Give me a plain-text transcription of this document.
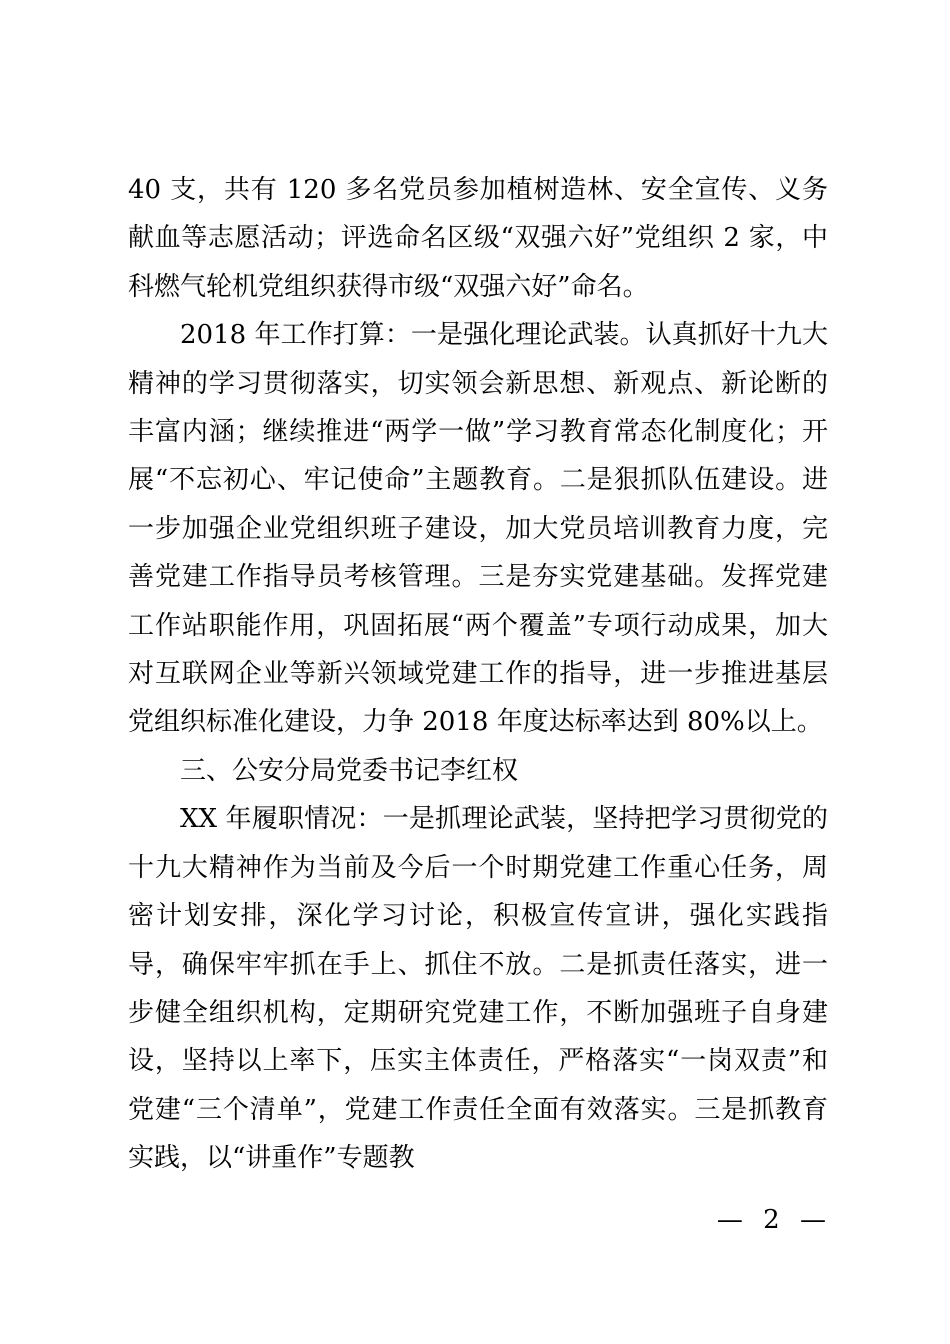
40 支，共有 120 多名党员参加植树造林、安全宣传、义务献血等志愿活动；评选命名区级“双强六好”党组织 2 家，中科燃气轮机党组织获得市级“双强六好”命名。

2018 年工作打算：一是强化理论武装。认真抓好十九大精神的学习贯彻落实，切实领会新思想、新观点、新论断的丰富内涵；继续推进“两学一做”学习教育常态化制度化；开展“不忘初心、牢记使命”主题教育。二是狠抓队伍建设。进一步加强企业党组织班子建设，加大党员培训教育力度，完善党建工作指导员考核管理。三是夯实党建基础。发挥党建工作站职能作用，巩固拓展“两个覆盖”专项行动成果，加大对互联网企业等新兴领域党建工作的指导，进一步推进基层党组织标准化建设，力争 2018 年度达标率达到 80%以上。

三、公安分局党委书记李红权

XX 年履职情况：一是抓理论武装，坚持把学习贯彻党的十九大精神作为当前及今后一个时期党建工作重心任务，周密计划安排，深化学习讨论，积极宣传宣讲，强化实践指导，确保牢牢抓在手上、抓住不放。二是抓责任落实，进一步健全组织机构，定期研究党建工作，不断加强班子自身建设，坚持以上率下，压实主体责任，严格落实“一岗双责”和党建“三个清单”，党建工作责任全面有效落实。三是抓教育实践，以“讲重作”专题教

— 2 —
